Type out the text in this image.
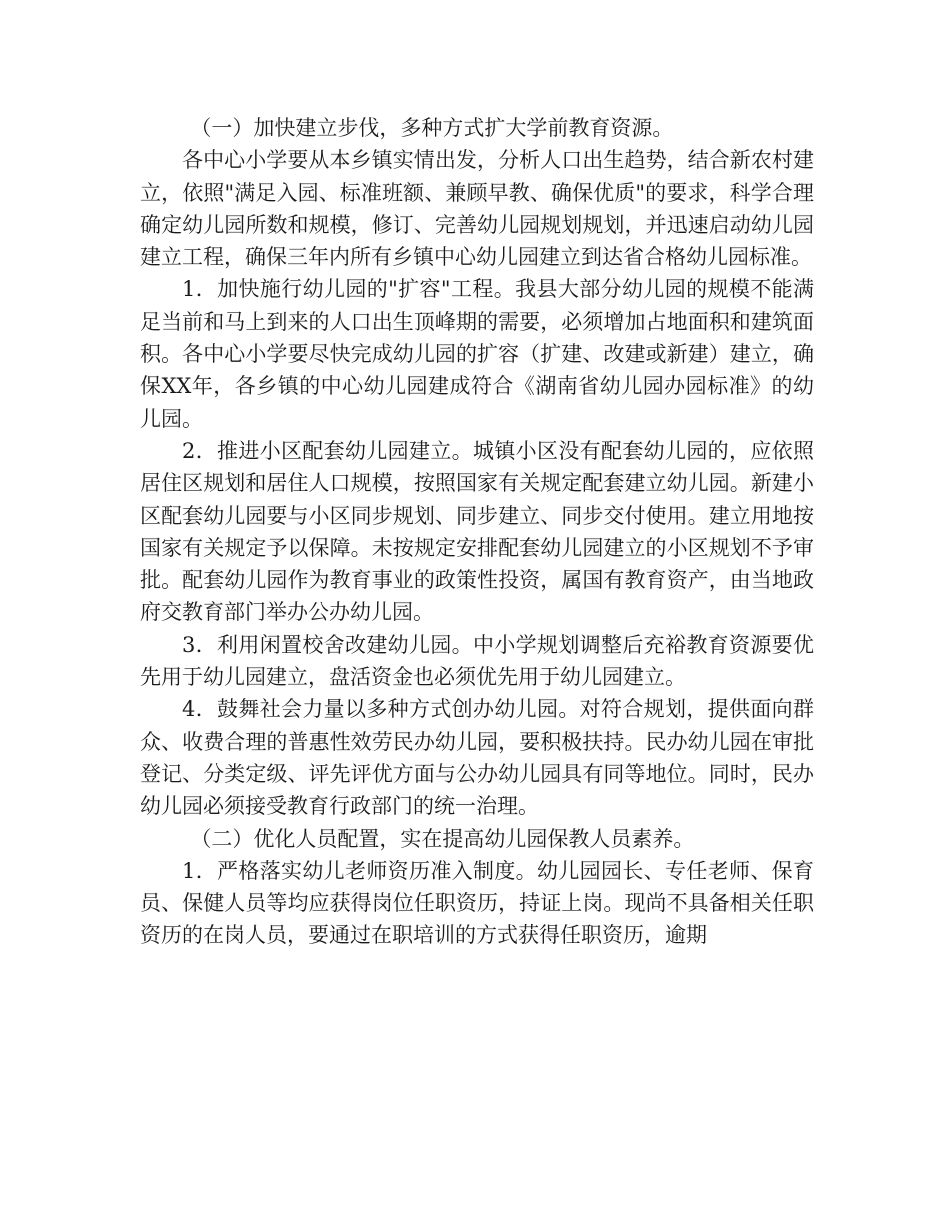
（一）加快建立步伐，多种方式扩大学前教育资源。

各中心小学要从本乡镇实情出发，分析人口出生趋势，结合新农村建立，依照"满足入园、标准班额、兼顾早教、确保优质"的要求，科学合理确定幼儿园所数和规模，修订、完善幼儿园规划规划，并迅速启动幼儿园建立工程，确保三年内所有乡镇中心幼儿园建立到达省合格幼儿园标准。

1．加快施行幼儿园的"扩容"工程。我县大部分幼儿园的规模不能满足当前和马上到来的人口出生顶峰期的需要，必须增加占地面积和建筑面积。各中心小学要尽快完成幼儿园的扩容（扩建、改建或新建）建立，确保XX年，各乡镇的中心幼儿园建成符合《湖南省幼儿园办园标准》的幼儿园。

2．推进小区配套幼儿园建立。城镇小区没有配套幼儿园的，应依照居住区规划和居住人口规模，按照国家有关规定配套建立幼儿园。新建小区配套幼儿园要与小区同步规划、同步建立、同步交付使用。建立用地按国家有关规定予以保障。未按规定安排配套幼儿园建立的小区规划不予审批。配套幼儿园作为教育事业的政策性投资，属国有教育资产，由当地政府交教育部门举办公办幼儿园。

3．利用闲置校舍改建幼儿园。中小学规划调整后充裕教育资源要优先用于幼儿园建立，盘活资金也必须优先用于幼儿园建立。

4．鼓舞社会力量以多种方式创办幼儿园。对符合规划，提供面向群众、收费合理的普惠性效劳民办幼儿园，要积极扶持。民办幼儿园在审批登记、分类定级、评先评优方面与公办幼儿园具有同等地位。同时，民办幼儿园必须接受教育行政部门的统一治理。

（二）优化人员配置，实在提高幼儿园保教人员素养。

1．严格落实幼儿老师资历准入制度。幼儿园园长、专任老师、保育员、保健人员等均应获得岗位任职资历，持证上岗。现尚不具备相关任职资历的在岗人员，要通过在职培训的方式获得任职资历，逾期
